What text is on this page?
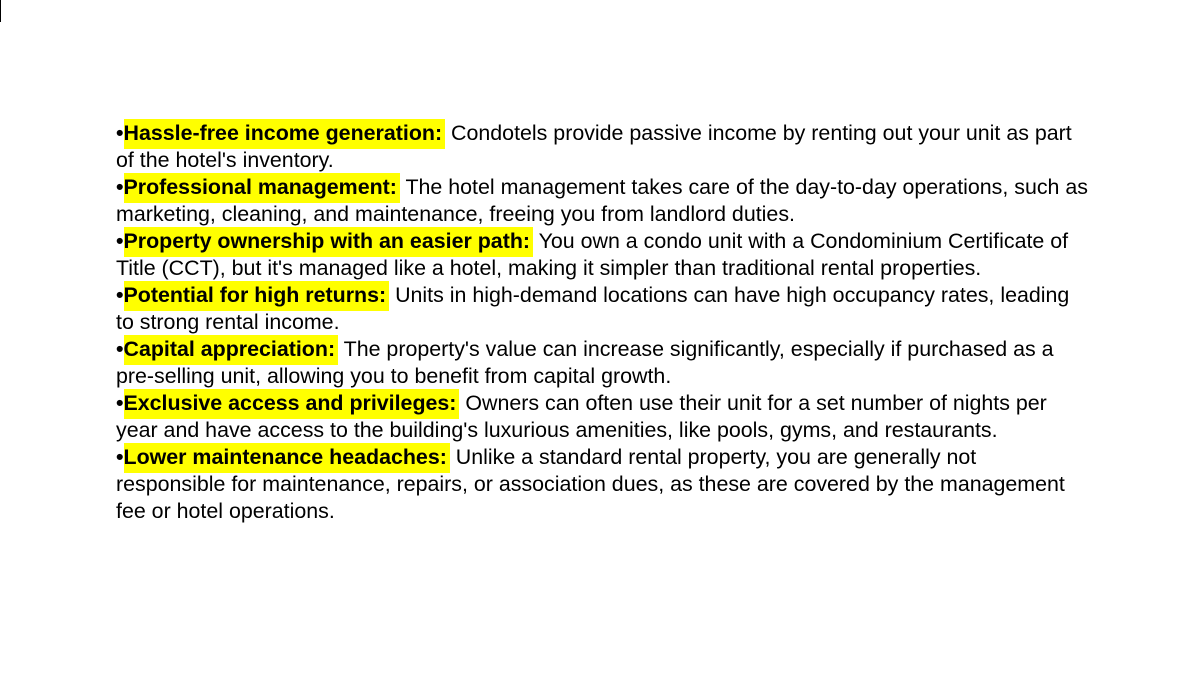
•Hassle-free income generation: Condotels provide passive income by renting out your unit as part of the hotel's inventory.

•Professional management: The hotel management takes care of the day-to-day operations, such as marketing, cleaning, and maintenance, freeing you from landlord duties.

•Property ownership with an easier path: You own a condo unit with a Condominium Certificate of Title (CCT), but it's managed like a hotel, making it simpler than traditional rental properties.

•Potential for high returns: Units in high-demand locations can have high occupancy rates, leading to strong rental income.

•Capital appreciation: The property's value can increase significantly, especially if purchased as a pre-selling unit, allowing you to benefit from capital growth.

•Exclusive access and privileges: Owners can often use their unit for a set number of nights per year and have access to the building's luxurious amenities, like pools, gyms, and restaurants.

•Lower maintenance headaches: Unlike a standard rental property, you are generally not responsible for maintenance, repairs, or association dues, as these are covered by the management fee or hotel operations.
